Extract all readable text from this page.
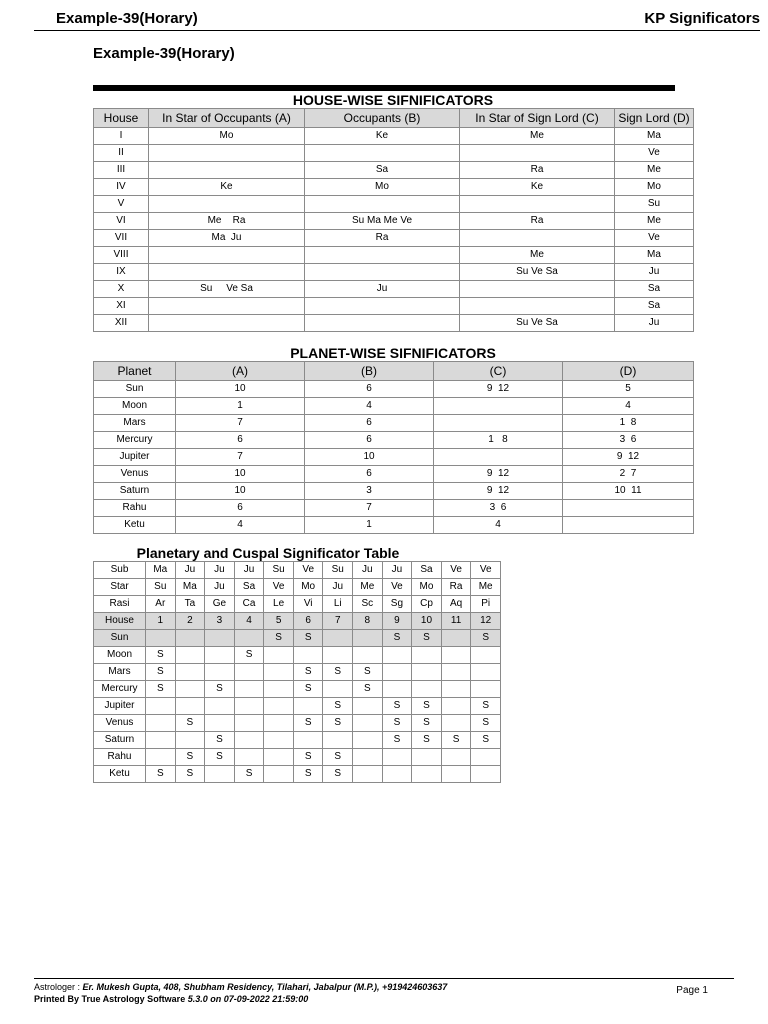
Example-39(Horary)	KP Significators
Example-39(Horary)
HOUSE-WISE SIFNIFICATORS
House	In Star of Occupants (A)	Occupants (B)	In Star of Sign Lord (C)	Sign Lord (D)
I	Mo	Ke	Me	Ma
II				Ve
III		Sa	Ra	Me
IV	Ke	Mo	Ke	Mo
V				Su
VI	Me    Ra	Su Ma Me Ve	Ra	Me
VII	Ma  Ju	Ra		Ve
VIII			Me	Ma
IX			Su Ve Sa	Ju
X	Su     Ve Sa	Ju		Sa
XI				Sa
XII			Su Ve Sa	Ju
PLANET-WISE SIFNIFICATORS
Planet	(A)	(B)	(C)	(D)
Sun	10	6	9  12	5
Moon	1	4		4
Mars	7	6		1  8
Mercury	6	6	1   8	3  6
Jupiter	7	10		9  12
Venus	10	6	9  12	2  7
Saturn	10	3	9  12	10  11
Rahu	6	7	3  6	
Ketu	4	1	4	
Planetary and Cuspal Significator Table
Sub	Ma	Ju	Ju	Ju	Su	Ve	Su	Ju	Ju	Sa	Ve	Ve
Star	Su	Ma	Ju	Sa	Ve	Mo	Ju	Me	Ve	Mo	Ra	Me
Rasi	Ar	Ta	Ge	Ca	Le	Vi	Li	Sc	Sg	Cp	Aq	Pi
House	1	2	3	4	5	6	7	8	9	10	11	12
Sun					S	S			S	S		S
Moon	S			S								
Mars	S					S	S	S				
Mercury	S		S			S		S				
Jupiter							S		S	S		S
Venus		S				S	S		S	S		S
Saturn			S						S	S	S	S
Rahu		S	S			S	S					
Ketu	S	S		S		S	S					
Astrologer : Er. Mukesh Gupta, 408, Shubham Residency, Tilahari, Jabalpur (M.P.), +919424603637
Printed By True Astrology Software 5.3.0 on 07-09-2022 21:59:00
Page 1
